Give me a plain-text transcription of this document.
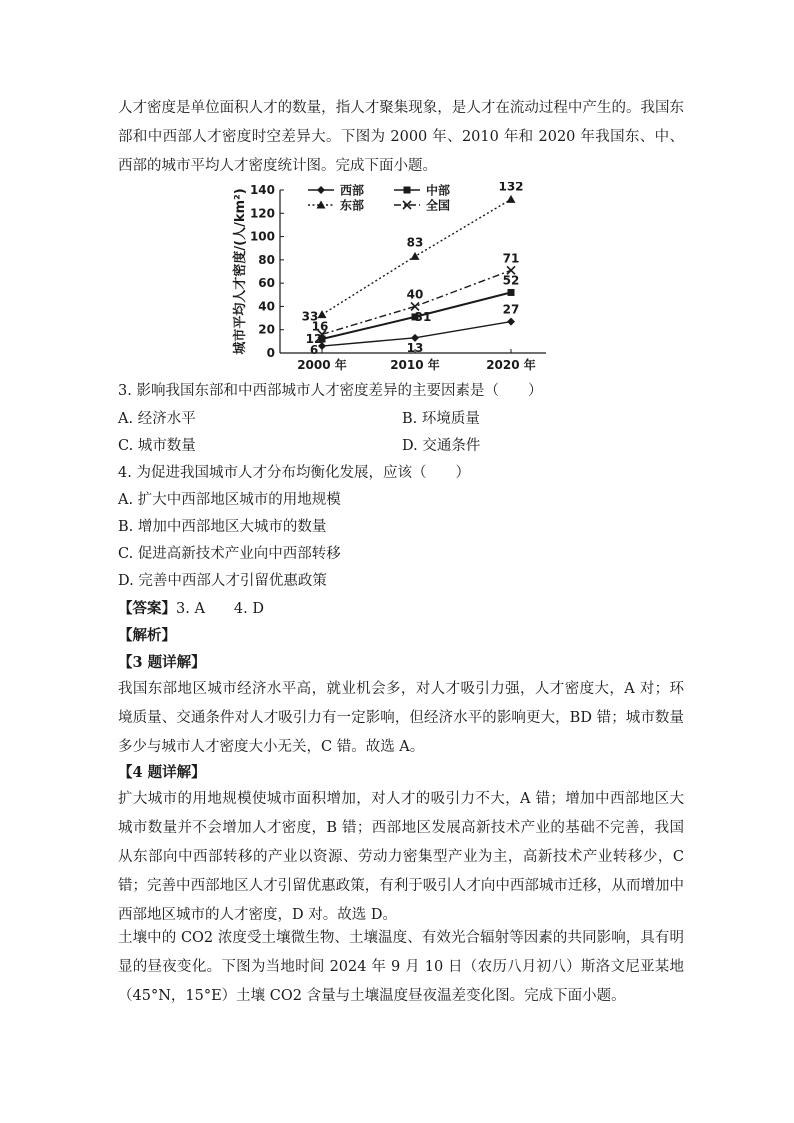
人才密度是单位面积人才的数量，指人才聚集现象，是人才在流动过程中产生的。我国东部和中西部人才密度时空差异大。下图为 2000 年、2010 年和 2020 年我国东、中、西部的城市平均人才密度统计图。完成下面小题。

0
20
40
60
80
100
120
140
2000 年	2010 年	2020 年
城市平均人才密度/(人/km²)	6	13
27
12
31
52
33
83
132
16
40
71
西部	中部
东部	全国
3. 影响我国东部和中西部城市人才密度差异的主要因素是（　　）
A. 经济水平	B. 环境质量
C. 城市数量	D. 交通条件
4. 为促进我国城市人才分布均衡化发展，应该（　　）
A. 扩大中西部地区城市的用地规模
B. 增加中西部地区大城市的数量
C. 促进高新技术产业向中西部转移
D. 完善中西部人才引留优惠政策
【答案】3. A　　4. D
【解析】
【3 题详解】

我国东部地区城市经济水平高，就业机会多，对人才吸引力强，人才密度大，A 对；环境质量、交通条件对人才吸引力有一定影响，但经济水平的影响更大，BD 错；城市数量多少与城市人才密度大小无关，C 错。故选 A。

【4 题详解】

扩大城市的用地规模使城市面积增加，对人才的吸引力不大，A 错；增加中西部地区大城市数量并不会增加人才密度，B 错；西部地区发展高新技术产业的基础不完善，我国从东部向中西部转移的产业以资源、劳动力密集型产业为主，高新技术产业转移少，C 错；完善中西部地区人才引留优惠政策，有利于吸引人才向中西部城市迁移，从而增加中西部地区城市的人才密度，D 对。故选 D。

土壤中的 CO2 浓度受土壤微生物、土壤温度、有效光合辐射等因素的共同影响，具有明显的昼夜变化。下图为当地时间 2024 年 9 月 10 日（农历八月初八）斯洛文尼亚某地（45°N，15°E）土壤 CO2 含量与土壤温度昼夜温差变化图。完成下面小题。
